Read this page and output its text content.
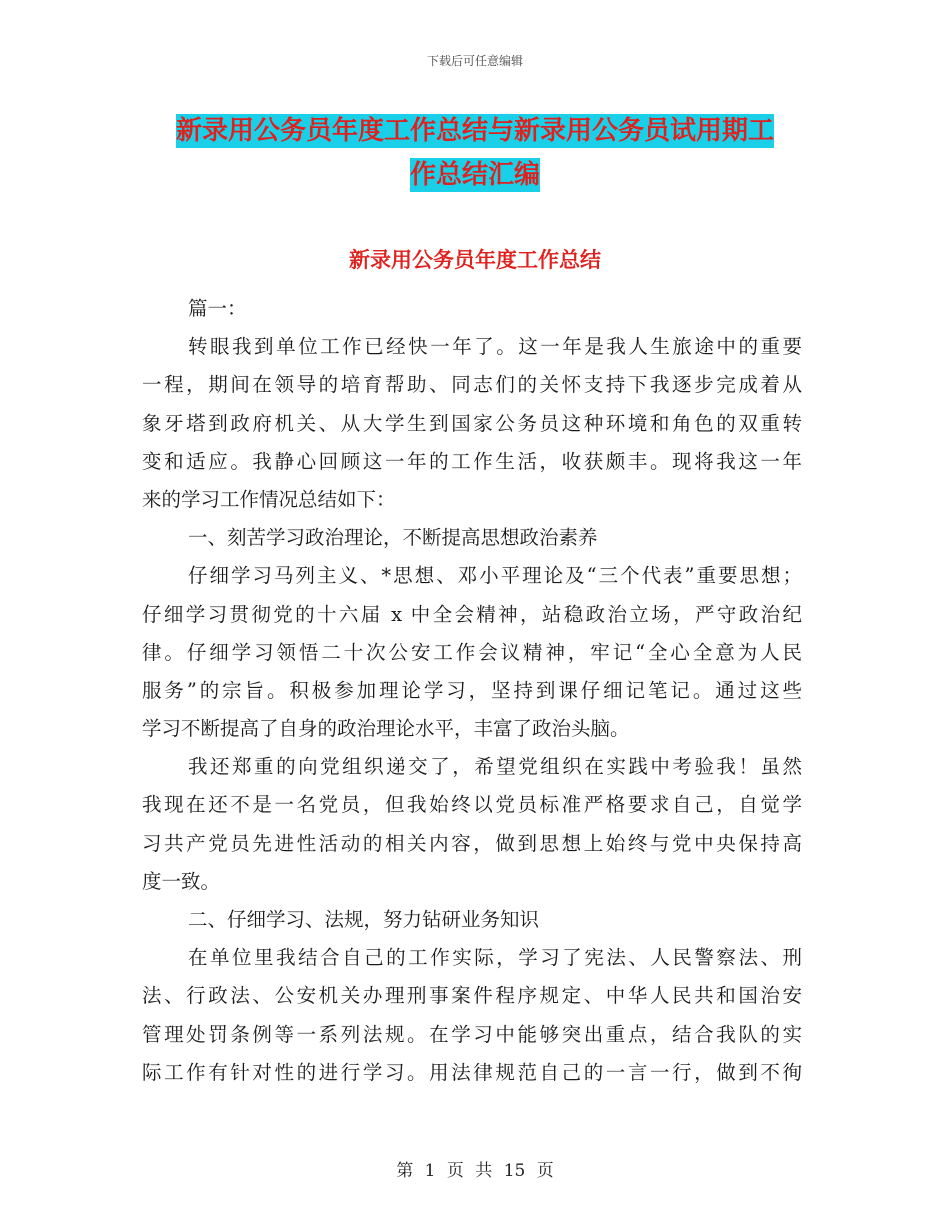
下载后可任意编辑
新录用公务员年度工作总结与新录用公务员试用期工
作总结汇编
新录用公务员年度工作总结
篇一：
转眼我到单位工作已经快一年了。这一年是我人生旅途中的重要
一程，期间在领导的培育帮助、同志们的关怀支持下我逐步完成着从
象牙塔到政府机关、从大学生到国家公务员这种环境和角色的双重转
变和适应。我静心回顾这一年的工作生活，收获颇丰。现将我这一年
来的学习工作情况总结如下：
一、刻苦学习政治理论，不断提高思想政治素养
仔细学习马列主义、*思想、邓小平理论及“三个代表”重要思想；
仔细学习贯彻党的十六届 x 中全会精神，站稳政治立场，严守政治纪
律。仔细学习领悟二十次公安工作会议精神，牢记“全心全意为人民
服务”的宗旨。积极参加理论学习，坚持到课仔细记笔记。通过这些
学习不断提高了自身的政治理论水平，丰富了政治头脑。
我还郑重的向党组织递交了，希望党组织在实践中考验我！虽然
我现在还不是一名党员，但我始终以党员标准严格要求自己，自觉学
习共产党员先进性活动的相关内容，做到思想上始终与党中央保持高
度一致。
二、仔细学习、法规，努力钻研业务知识
在单位里我结合自己的工作实际，学习了宪法、人民警察法、刑
法、行政法、公安机关办理刑事案件程序规定、中华人民共和国治安
管理处罚条例等一系列法规。在学习中能够突出重点，结合我队的实
际工作有针对性的进行学习。用法律规范自己的一言一行，做到不徇
第 1 页 共 15 页
